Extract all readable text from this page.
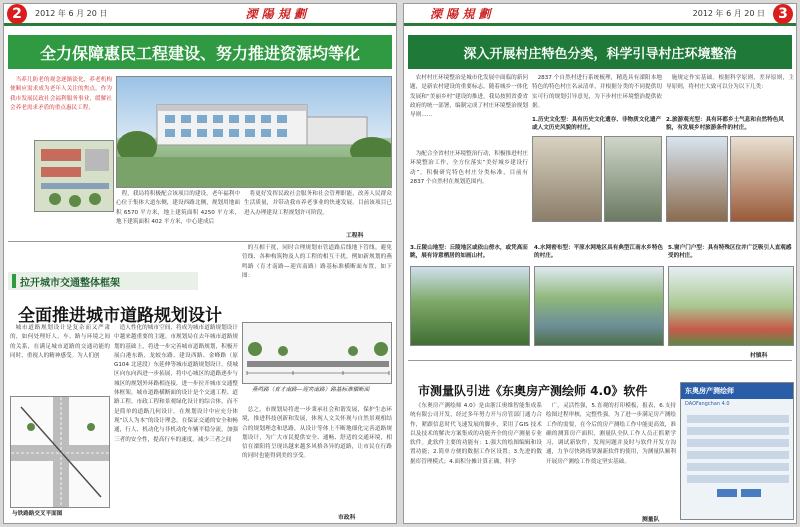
2	2012 年 6 月 20 日	溧 陽 規 劃
全力保障惠民工程建设、努力推进资源均等化
当养儿防老的观念逐渐淡化，养老机构便顺应需求成为老年人关注的焦点。作为我市发展民政社会福利服务事业，缓解社会养老需求矛盾的重点惠民工程，
程，我局将积极配合该项目的建设。老年福利中心位于集体大道东侧，建设西路北侧，规划用地面积 6570 平方米，地上建筑面积 4250 平方米，地下建筑面积 402 平方米，中心建成后
将更好发挥民政社会服务和社会管理职能，改善人民群众生活质量，并带动我市养老事业的快速发展。目前该项目已进入办理建设工程规划许可阶段。
工程科
拉开城市交通整体框架
全面推进城市道路规划设计
城市道路规划设计是复杂而又严肃的，如何处理好人、车、路与环境之间的关系，在满足城市道路的交通功能的同时，重视人的精神感受。为人们创
造人性化的城市空间，将成为城市道路规划设计中越来越重要的主题。市规划局在去年城市道路规划的基础上，将进一步完善城市道路规划，积极开展白港东路、龙蛟东路、建设西路、金峰路（原 G104 北延段）东延伸等城市道路规划设计，使城区向东向西进一步拓展，将中心城区的道路逐步与城区的规划外环路相连接，进一步拉开城市交通整体框架。城市道路横断面的设计是个交通工程、道路工程、市政工程和景观绿化设计的综合体，而不是简单的道路几何设计。在规划设计中应充分体现“以人为本”的设计理念，在保证交通的安全和畅通，行人、机动化与非机动化车辆平稳分流，加强三者的安全性，提高行车的速度。减少三者之间
的互相干扰，同时合理规划市管道路后线地下管线。避免管线、各种构筑物及人的工程的相互干扰，例如新规划的燕鸣路（育才南路—迎宾南路）路基标准横断面布置，如下图：
燕鸣路（育才南路—迎宾南路）路基标准横断面
总之，市规划局将进一步秉承社会和谐发展，保护生态环境，推进科技创新和发展，体现人文关怀现与自然景观相结合的规划理念和思路，从设计等体上不断地细化完善道路规划设计，为广大市民提供安全、通畅、舒适的交通环境，相信在溧阳将呈现出越来越多风格各异的道路，让市民在行路的同时也能得到美的享受。
市政科
与铁路路交叉平面图
溧 陽 規 劃	2012 年 6 月 20 日 3
深入开展村庄特色分类，科学引导村庄环境整治
农村村庄环境整治是城市化发展中面临的新问题，是新农村建设的重要标志。随着城乡一体化发展和“美丽乡村”建设的推进，我局按照省委省政府的统一部署，编制完成了村庄环境整治规划导则……
为配合全省村庄环境整治行动，积极推进村庄环境整治工作，全方位落实“美好城乡建设行动”，积极研究特色村庄分类标准，目前有 2837 个自然村在规划范围内。
2837 个自然村进行系统梳理，精选具有溧阳本地特色的特色村庄名录清单，并根据分类的不同提供切实可行的规划引导意见，为下步村庄环境整治提供依据。
施规定作实基础。根据科学原则，差异原则，主导原则，将村庄大致可以分为以下几类：
1.历史文化型：具有历史文化遗存、非物质文化遗产或人文历史风貌的村庄。
2.旅游观光型：具有环都乡土气息和自然特色风貌，有发展乡村旅游条件的村庄。
3.丘陵山地型：丘陵地区或依山傍水，或凭高而眺，展有诗意栖居的如画山村。
4.水网密布型：平原水网地区具有典型江南水乡特色的村庄。
5.窗户门户型：具有特殊区位并广泛吸引人直观感受的村庄。
村镇科
市测量队引进《东奥房产测绘师 4.0》软件
《东奥房产测绘师 4.0》是由浙江奥维智能集成系统有限公司开发，经过多年努力开与房管部门通力合作，紧跟信息时代飞速发展的脚步，采用了GIS 技术以及技术的解决方案集成的功能齐全的房产测量专业软件。此软件主要的功能有：1.强大的绘图编辑和设置功能；2.简单方便的数据工作区设置；3.先进的数据库管理模式；4.面积分摊计算正确，科学
广，灵活性强，5.直观的打印模板，报表，6.支持绘图过程审核，完整性强。为了进一步满足房产测绘工作的需要，在今后的房产测绘工作中能更高效，准确的测算房产面积，测量队全队工作人员正抓紧学习，调试新软件，发现问题并及时与软件开发方沟通，力争尽快熟练掌握新软件的使用，为测量队顺利开展房产测绘工作奠定坚实基础。
测量队
东奥房产测绘师
DAOFangchan 4.0
